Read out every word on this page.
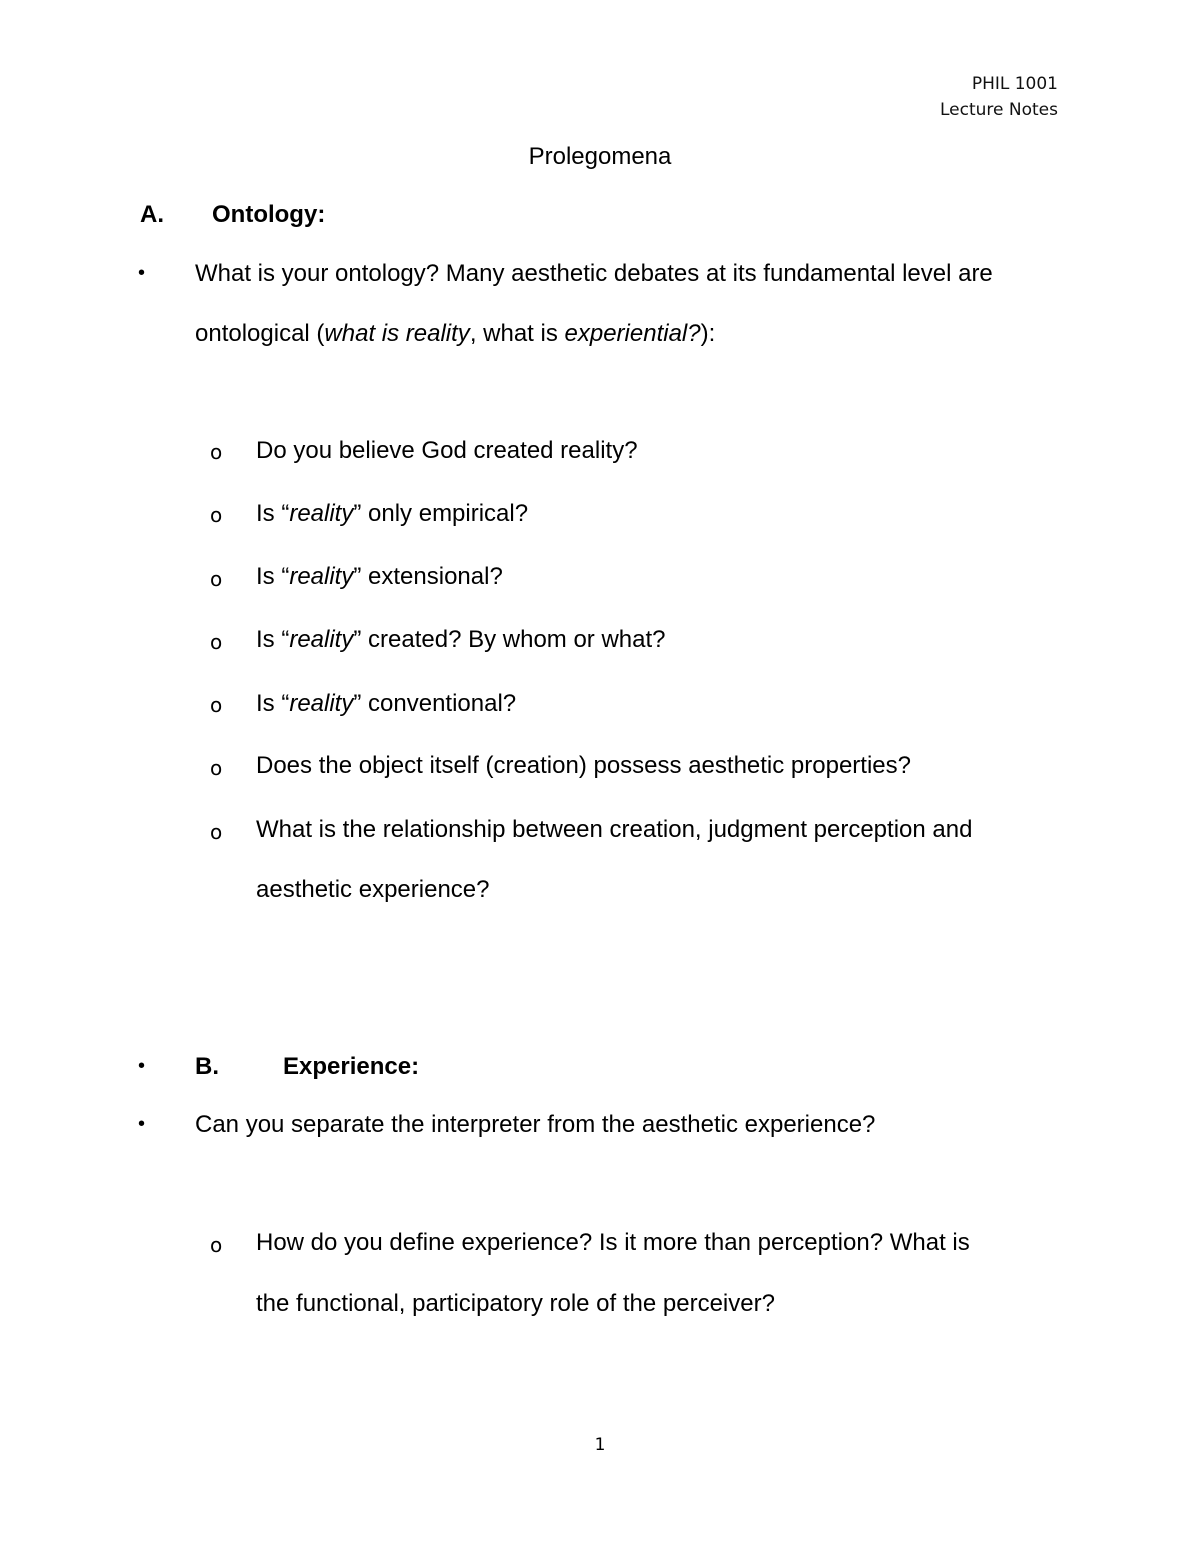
PHIL 1001
Lecture Notes
Prolegomena
A. Ontology:
• What is your ontology? Many aesthetic debates at its fundamental level are
ontological (what is reality, what is experiential?):
o Do you believe God created reality?
o Is “reality” only empirical?
o Is “reality” extensional?
o Is “reality” created? By whom or what?
o Is “reality” conventional?
o Does the object itself (creation) possess aesthetic properties?
o What is the relationship between creation, judgment perception and
aesthetic experience?
• B.	Experience:
• Can you separate the interpreter from the aesthetic experience?
o How do you define experience? Is it more than perception? What is
the functional, participatory role of the perceiver?
1
